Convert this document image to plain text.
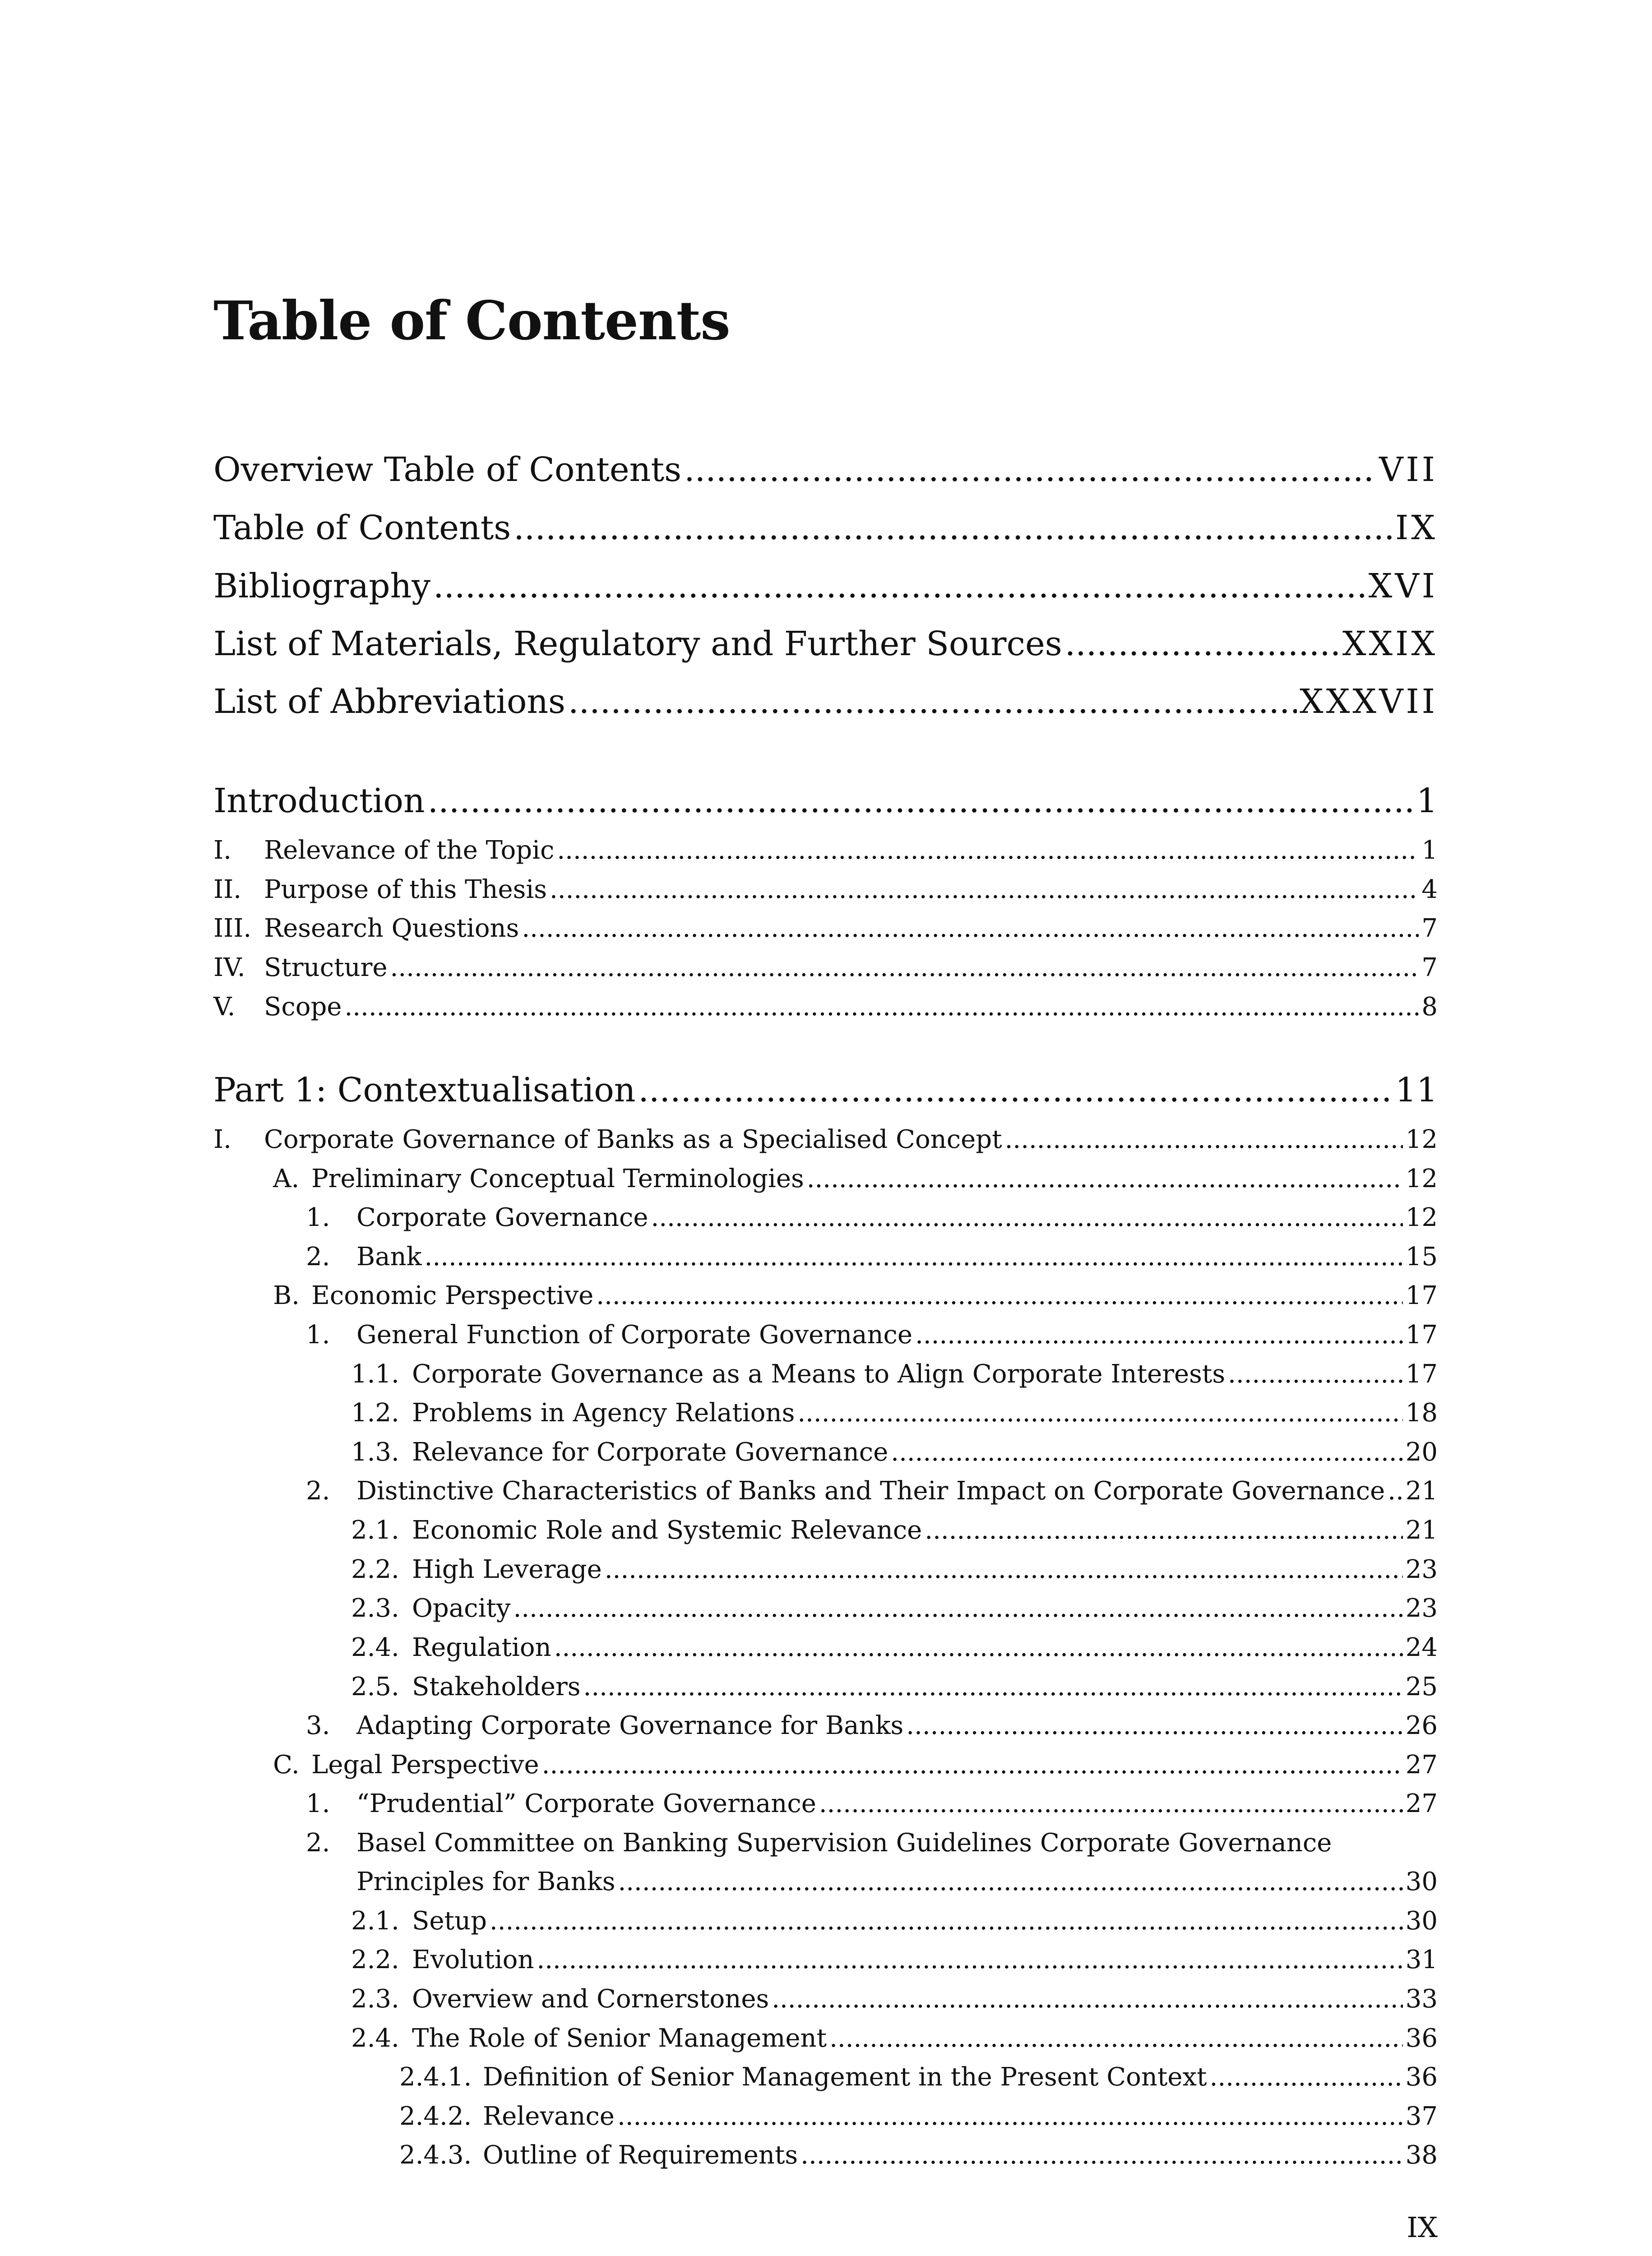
Table of Contents
Overview Table of Contents .....	VII
Table of Contents .....	IX
Bibliography .....	XVI
List of Materials, Regulatory and Further Sources .....	XXIX
List of Abbreviations .....	XXXVII
Introduction .....	1
I.	Relevance of the Topic .....	1
II. Purpose of this Thesis .....	4
III. Research Questions .....	7
IV. Structure .....	7
V.	Scope .....	8
Part 1: Contextualisation .....	11
I.	Corporate Governance of Banks as a Specialised Concept .....	12
A. Preliminary Conceptual Terminologies .....	12
1.	Corporate Governance .....	12
2.	Bank .....	15
B. Economic Perspective .....	17
1.	General Function of Corporate Governance .....	17
1.1. Corporate Governance as a Means to Align Corporate Interests .....	17
1.2. Problems in Agency Relations .....	18
1.3. Relevance for Corporate Governance .....	20
2.	Distinctive Characteristics of Banks and Their Impact on Corporate Governance ..... 21
2.1. Economic Role and Systemic Relevance .....	21
2.2. High Leverage .....	23
2.3. Opacity .....	23
2.4. Regulation .....	24
2.5. Stakeholders .....	25
3.	Adapting Corporate Governance for Banks .....	26
C. Legal Perspective .....	27
1.	“Prudential” Corporate Governance .....	27
2.	Basel Committee on Banking Supervision Guidelines Corporate Governance
Principles for Banks .....	30
2.1. Setup .....	30
2.2. Evolution .....	31
2.3. Overview and Cornerstones .....	33
2.4. The Role of Senior Management .....	36
2.4.1. Definition of Senior Management in the Present Context .....	36
2.4.2. Relevance .....	37
2.4.3. Outline of Requirements .....	38
IX
